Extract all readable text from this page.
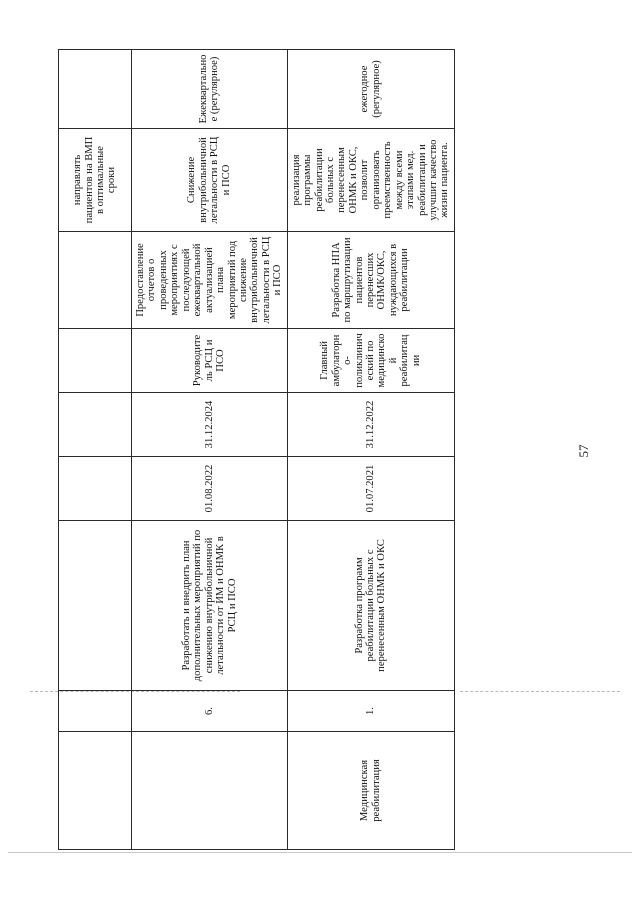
							направлять пациентов на ВМП в оптимальные сроки	
	6.	Разработать и внедрить план дополнительных мероприятий по снижению внутрибольничной летальности от ИМ и ОНМК в РСЦ и ПСО	01.08.2022	31.12.2024	Руководитель РСЦ и ПСО	Предоставление отчетов о проведенных мероприятиях с последующей ежеквартальной актуализацией плана мероприятий под снижение внутрибольничной летальности в РСЦ и ПСО	Снижение внутрибольничной летальности в РСЦ и ПСО	Ежеквартальное (регулярное)
Медицинская реабилитация	1.	Разработка программ реабилитации больных с перенесенным ОНМК и ОКС	01.07.2021	31.12.2022	Главный амбулаторно-поликлинический по медицинской реабилитации	Разработка НПА по маршрутизации пациентов перенесших ОНМК/ОКС, нуждающихся в реабилитации	реализация программы реабилитации больных с перенесенным ОНМК и ОКС, позволит организовать преемственность между всеми этапами мед. реабилитации и улучшит качество жизни пациента.	ежегодное (регулярное)
57
